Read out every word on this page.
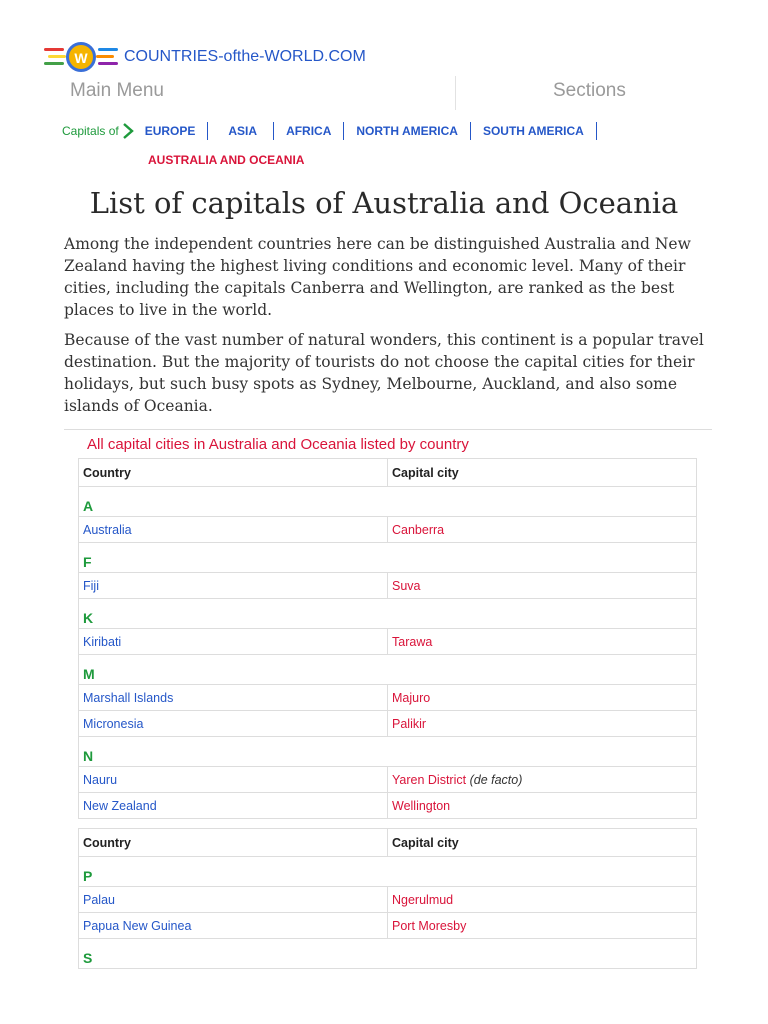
W	COUNTRIES-ofthe-WORLD.COM
Main Menu	Sections
Capitals of	EUROPE	ASIA	AFRICA	NORTH AMERICA	SOUTH AMERICA
AUSTRALIA AND OCEANIA
List of capitals of Australia and Oceania

Among the independent countries here can be distinguished Australia and New Zealand having the highest living conditions and economic level. Many of their cities, including the capitals Canberra and Wellington, are ranked as the best places to live in the world.

Because of the vast number of natural wonders, this continent is a popular travel destination. But the majority of tourists do not choose the capital cities for their holidays, but such busy spots as Sydney, Melbourne, Auckland, and also some islands of Oceania.

All capital cities in Australia and Oceania listed by country
Country	Capital city
A	
Australia	Canberra
F	
Fiji	Suva
K	
Kiribati	Tarawa
M	
Marshall Islands	Majuro
Micronesia	Palikir
N	
Nauru	Yaren District (de facto)
New Zealand	Wellington
Country	Capital city
P	
Palau	Ngerulmud
Papua New Guinea	Port Moresby
S	
